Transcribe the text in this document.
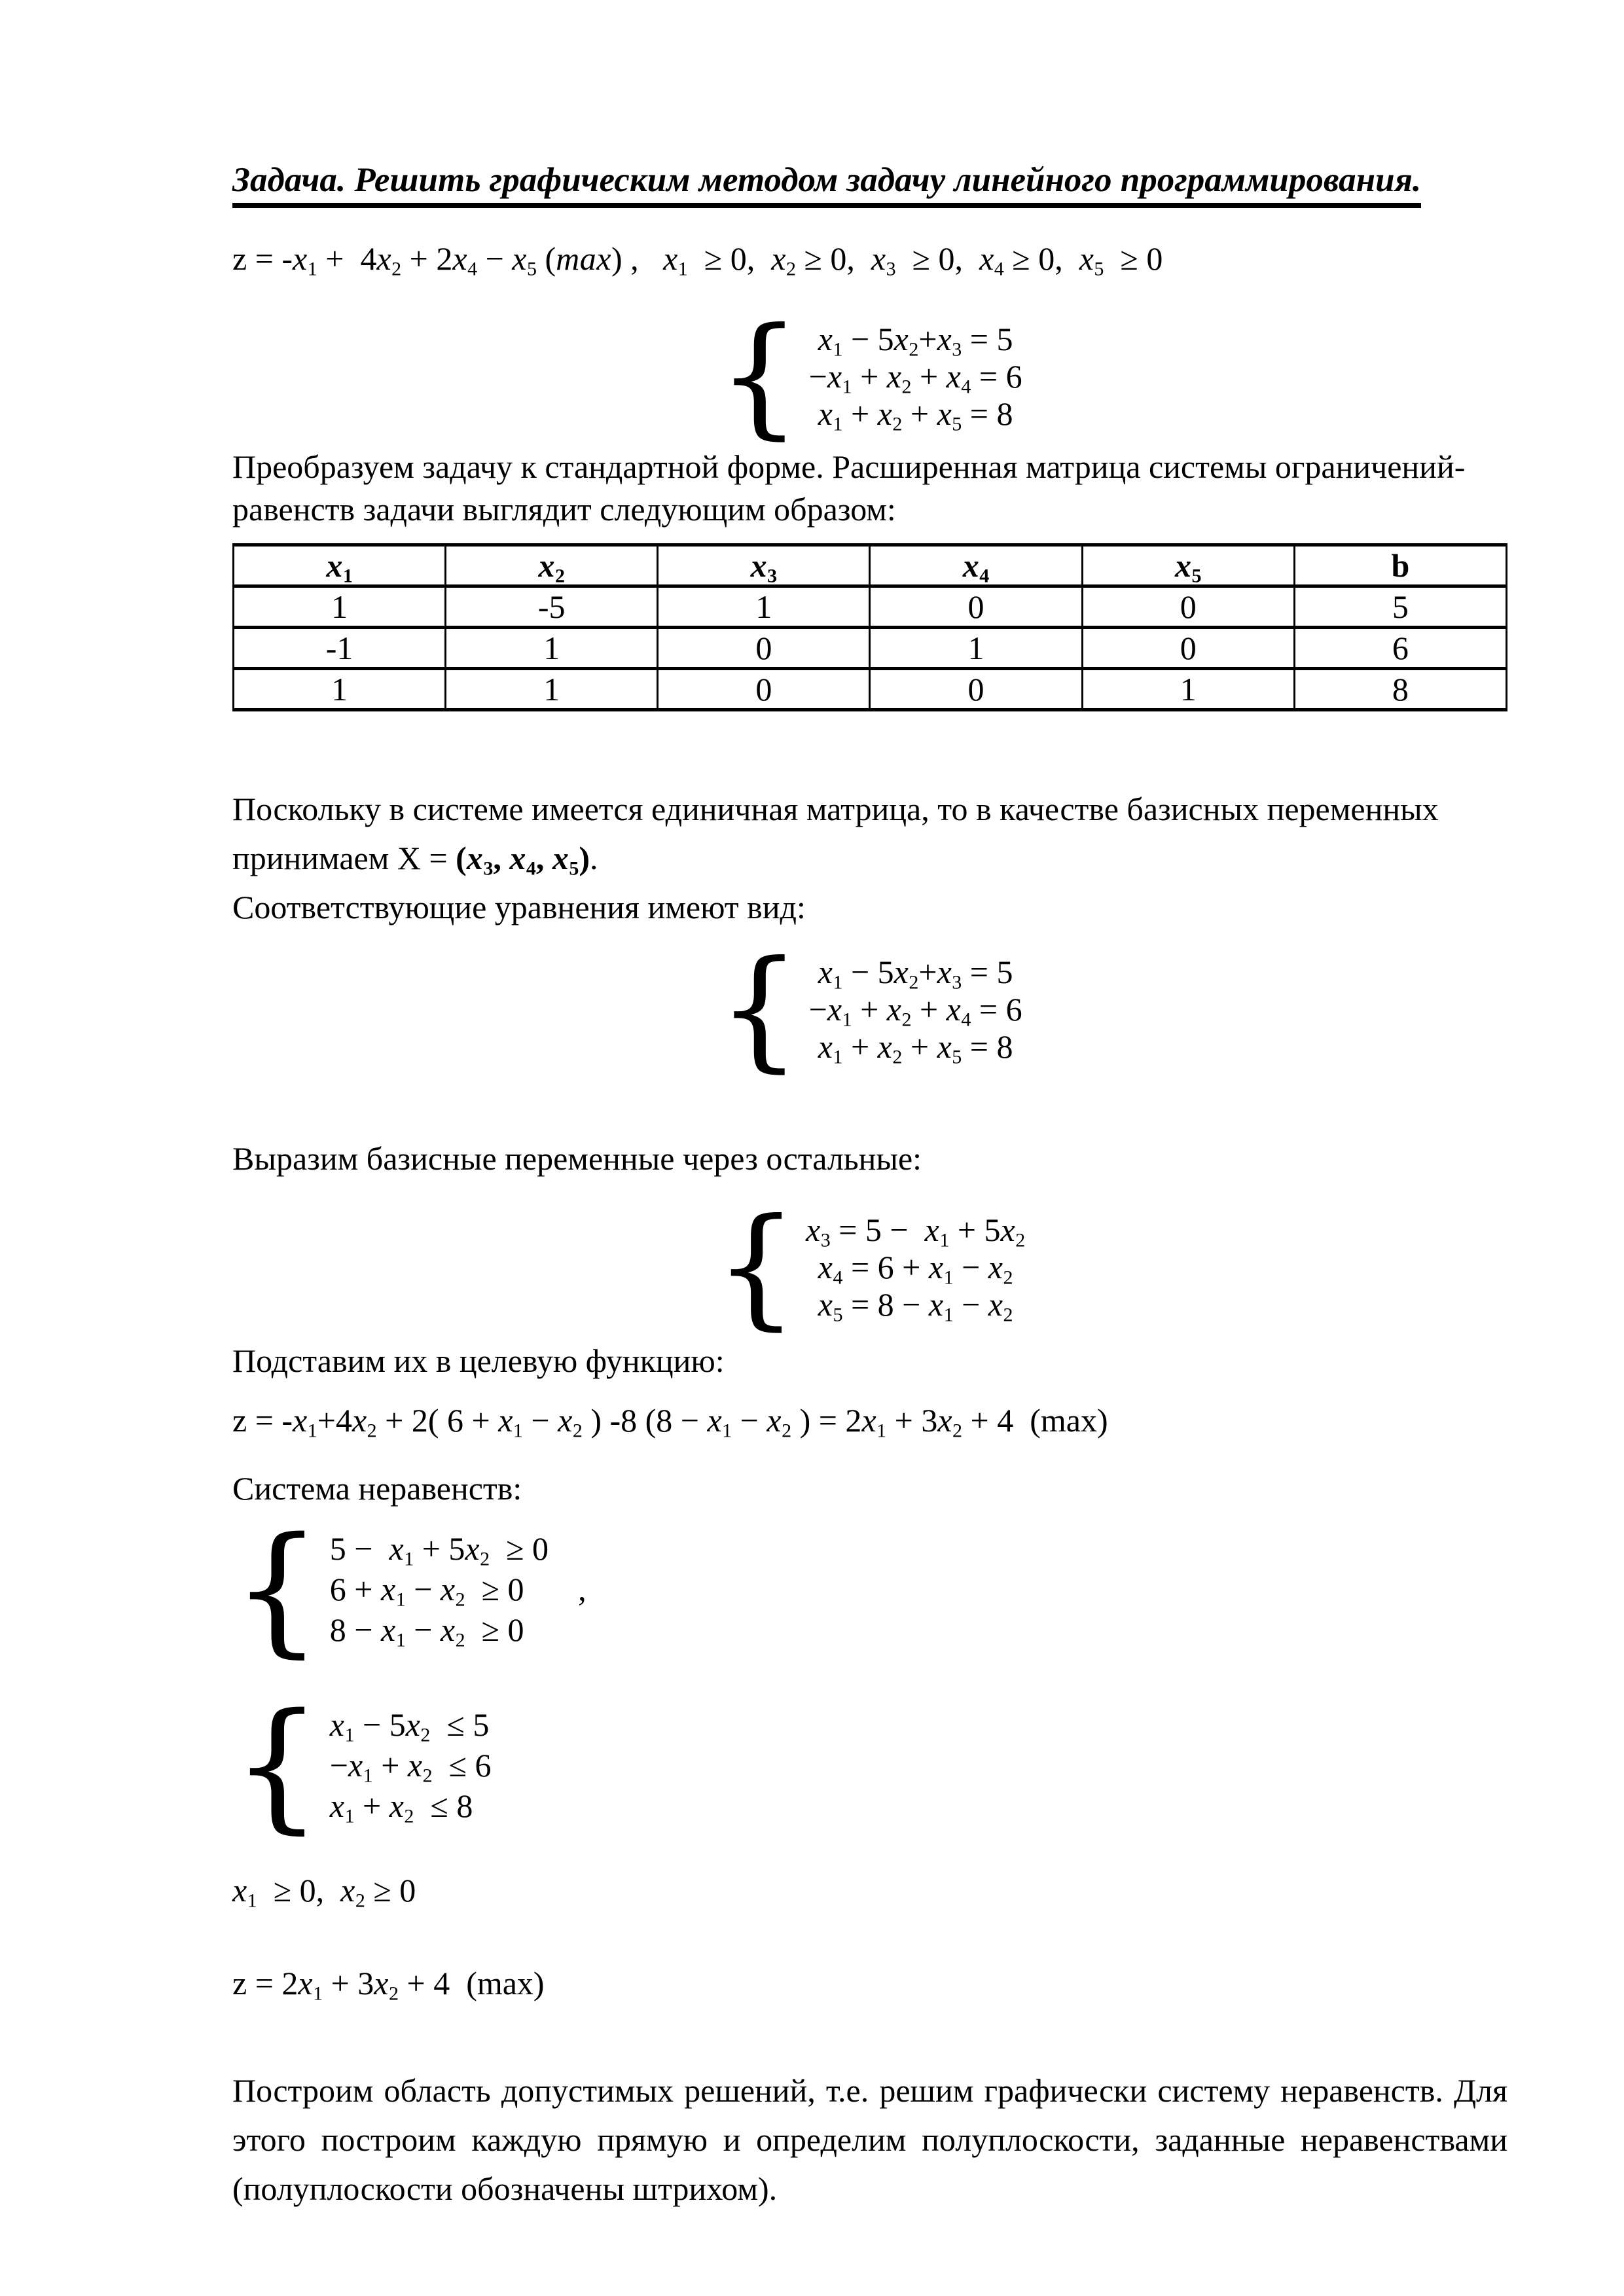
Задача. Решить графическим методом задачу линейного программирования.
$z = -x_1 + 4x_2 + 2x_4 - x_5$ (max) ,   $x_1 \ge 0$,  $x_2 \ge 0$,  $x_3 \ge 0$,  $x_4 \ge 0$,  $x_5 \ge 0$
{ $x_1 - 5x_2+x_3 = 5$
$-x_1 + x_2 + x_4 = 6$
$x_1 + x_2 + x_5 = 8$
Преобразуем задачу к стандартной форме. Расширенная матрица системы ограничений-равенств задачи выглядит следующим образом:
$x_1$	$x_2$	$x_3$	$x_4$	$x_5$	b
1	-5	1	0	0	5
-1	1	0	1	0	6
1	1	0	0	1	8
Поскольку в системе имеется единичная матрица, то в качестве базисных переменных принимаем $X = (x_3$, $x_4$, $x_5$).
Соответствующие уравнения имеют вид:
{ $x_1 - 5x_2+x_3 = 5$
$-x_1 + x_2 + x_4 = 6$
$x_1 + x_2 + x_5 = 8$
Выразим базисные переменные через остальные:
{ $x_3 = 5 - x_1 + 5x_2$
$x_4 = 6 + x_1 - x_2$
$x_5 = 8 - x_1 - x_2$
Подставим их в целевую функцию:
$z = -x_1+4x_2 + 2$( $6 + x_1 - x_2$ ) -8 ($8 - x_1 - x_2$ ) = $2x_1 + 3x_2 + 4$  (max)
Система неравенств:
{ $5 - x_1 + 5x_2 \ge 0$
$6 + x_1 - x_2 \ge 0$
$8 - x_1 - x_2 \ge 0$
,
{ $x_1 - 5x_2 \le 5$
$-x_1 + x_2 \le 6$
$x_1 + x_2 \le 8$
$x_1 \ge 0$,  $x_2 \ge 0$
$z = 2x_1 + 3x_2 + 4$  (max)
Построим область допустимых решений, т.е. решим графически систему неравенств. Для этого построим каждую прямую и определим полуплоскости, заданные неравенствами (полуплоскости обозначены штрихом).
